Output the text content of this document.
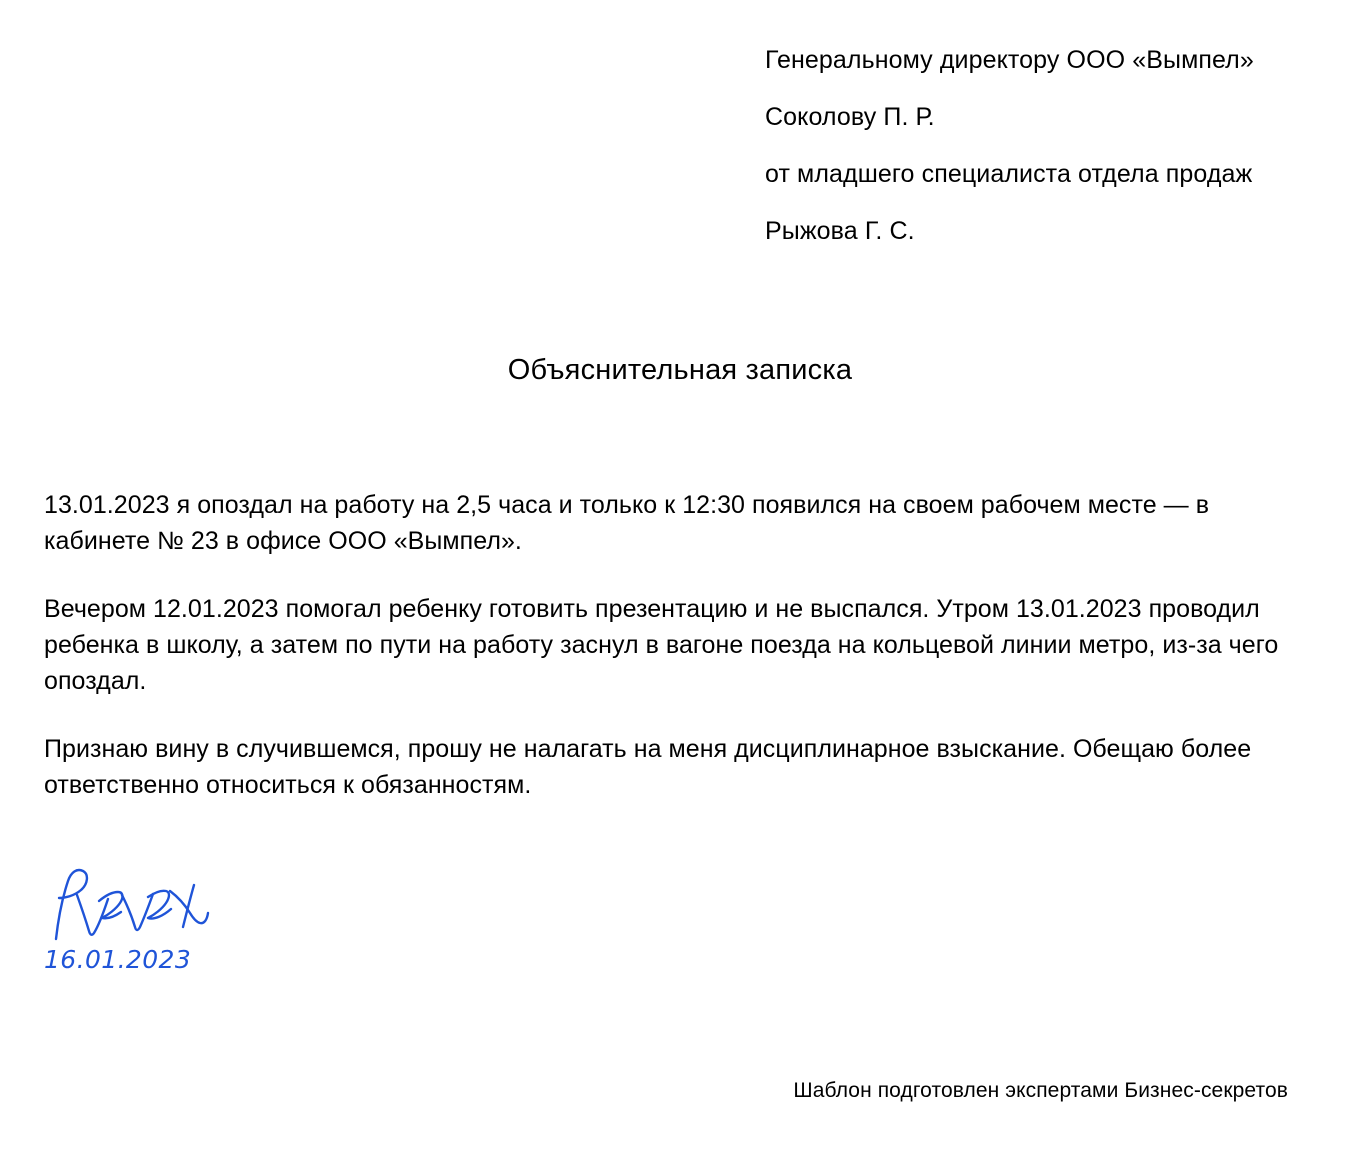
Генеральному директору ООО «Вымпел»
Соколову П. Р.
от младшего специалиста отдела продаж
Рыжова Г. С.
Объяснительная записка

13.01.2023 я опоздал на работу на 2,5 часа и только к 12:30 появился на своем рабочем месте — в кабинете № 23 в офисе ООО «Вымпел».

Вечером 12.01.2023 помогал ребенку готовить презентацию и не выспался. Утром 13.01.2023 проводил ребенка в школу, а затем по пути на работу заснул в вагоне поезда на кольцевой линии метро, из-за чего опоздал.

Признаю вину в случившемся, прошу не налагать на меня дисциплинарное взыскание. Обещаю более ответственно относиться к обязанностям.

16.01.2023
Шаблон подготовлен экспертами Бизнес-секретов
